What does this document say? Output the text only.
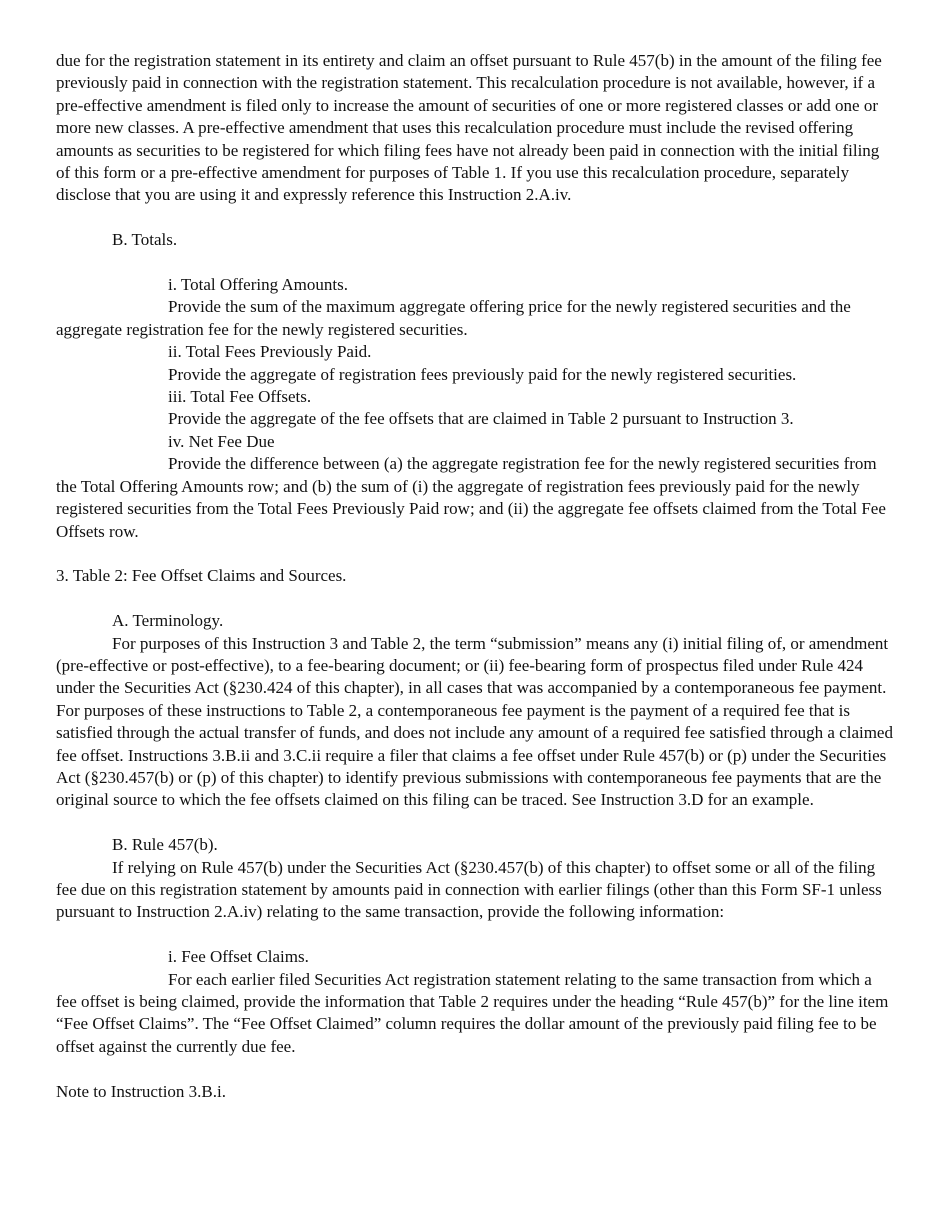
due for the registration statement in its entirety and claim an offset pursuant to Rule 457(b) in the amount of the filing fee previously paid in connection with the registration statement. This recalculation procedure is not available, however, if a pre-effective amendment is filed only to increase the amount of securities of one or more registered classes or add one or more new classes. A pre-effective amendment that uses this recalculation procedure must include the revised offering amounts as securities to be registered for which filing fees have not already been paid in connection with the initial filing of this form or a pre-effective amendment for purposes of Table 1. If you use this recalculation procedure, separately disclose that you are using it and expressly reference this Instruction 2.A.iv.

B. Totals.

i. Total Offering Amounts.

Provide the sum of the maximum aggregate offering price for the newly registered securities and the aggregate registration fee for the newly registered securities.

ii. Total Fees Previously Paid.

Provide the aggregate of registration fees previously paid for the newly registered securities.

iii. Total Fee Offsets.

Provide the aggregate of the fee offsets that are claimed in Table 2 pursuant to Instruction 3.

iv. Net Fee Due

Provide the difference between (a) the aggregate registration fee for the newly registered securities from the Total Offering Amounts row; and (b) the sum of (i) the aggregate of registration fees previously paid for the newly registered securities from the Total Fees Previously Paid row; and (ii) the aggregate fee offsets claimed from the Total Fee Offsets row.

3. Table 2: Fee Offset Claims and Sources.

A. Terminology.

For purposes of this Instruction 3 and Table 2, the term “submission” means any (i) initial filing of, or amendment (pre-effective or post-effective), to a fee-bearing document; or (ii) fee-bearing form of prospectus filed under Rule 424 under the Securities Act (§230.424 of this chapter), in all cases that was accompanied by a contemporaneous fee payment. For purposes of these instructions to Table 2, a contemporaneous fee payment is the payment of a required fee that is satisfied through the actual transfer of funds, and does not include any amount of a required fee satisfied through a claimed fee offset. Instructions 3.B.ii and 3.C.ii require a filer that claims a fee offset under Rule 457(b) or (p) under the Securities Act (§230.457(b) or (p) of this chapter) to identify previous submissions with contemporaneous fee payments that are the original source to which the fee offsets claimed on this filing can be traced. See Instruction 3.D for an example.

B. Rule 457(b).

If relying on Rule 457(b) under the Securities Act (§230.457(b) of this chapter) to offset some or all of the filing fee due on this registration statement by amounts paid in connection with earlier filings (other than this Form SF-1 unless pursuant to Instruction 2.A.iv) relating to the same transaction, provide the following information:

i. Fee Offset Claims.

For each earlier filed Securities Act registration statement relating to the same transaction from which a fee offset is being claimed, provide the information that Table 2 requires under the heading “Rule 457(b)” for the line item “Fee Offset Claims”. The “Fee Offset Claimed” column requires the dollar amount of the previously paid filing fee to be offset against the currently due fee.

Note to Instruction 3.B.i.
